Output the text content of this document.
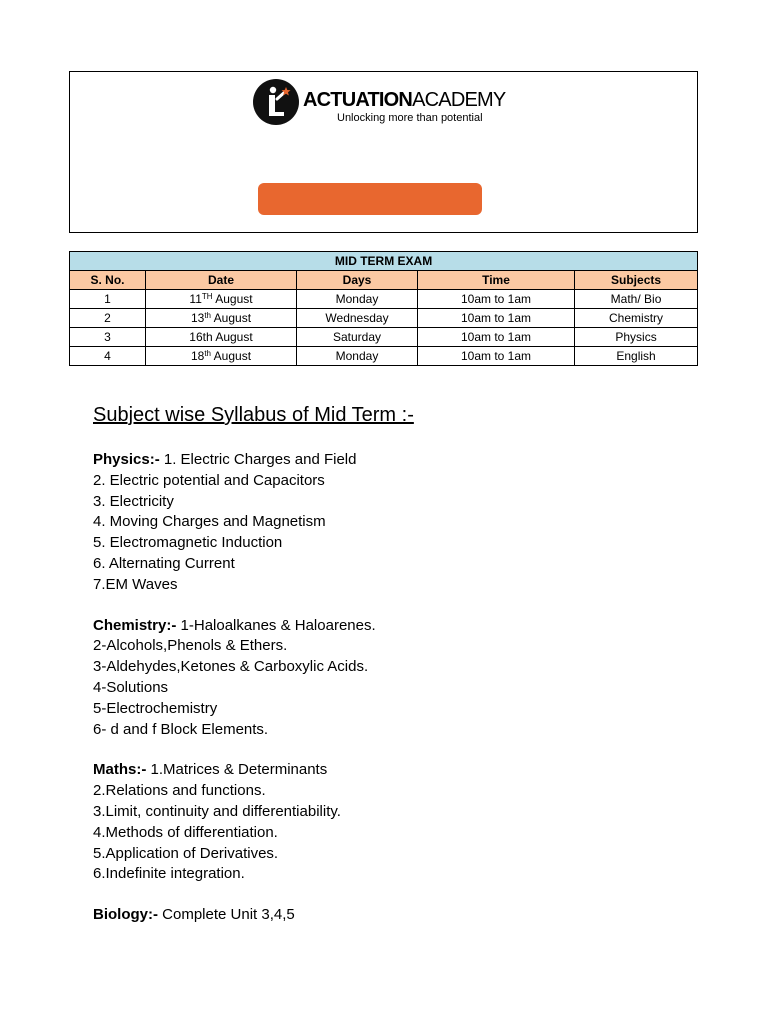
ACTUATIONACADEMY
Unlocking more than potential
MID TERM EXAM				
S. No.	Date	Days	Time	Subjects
1	11TH August	Monday	10am to 1am	Math/ Bio
2	13th August	Wednesday	10am to 1am	Chemistry
3	16th August	Saturday	10am to 1am	Physics
4	18th August	Monday	10am to 1am	English
Subject wise Syllabus of Mid Term :-
Physics:- 1. Electric Charges and Field
2. Electric potential and Capacitors
3. Electricity
4. Moving Charges and Magnetism
5. Electromagnetic Induction
6. Alternating Current
7.EM Waves
Chemistry:- 1-Haloalkanes & Haloarenes.
2-Alcohols,Phenols & Ethers.
3-Aldehydes,Ketones & Carboxylic Acids.
4-Solutions
5-Electrochemistry
6- d and f Block Elements.
Maths:- 1.Matrices & Determinants
2.Relations and functions.
3.Limit, continuity and differentiability.
4.Methods of differentiation.
5.Application of Derivatives.
6.Indefinite integration.
Biology:- Complete Unit 3,4,5
